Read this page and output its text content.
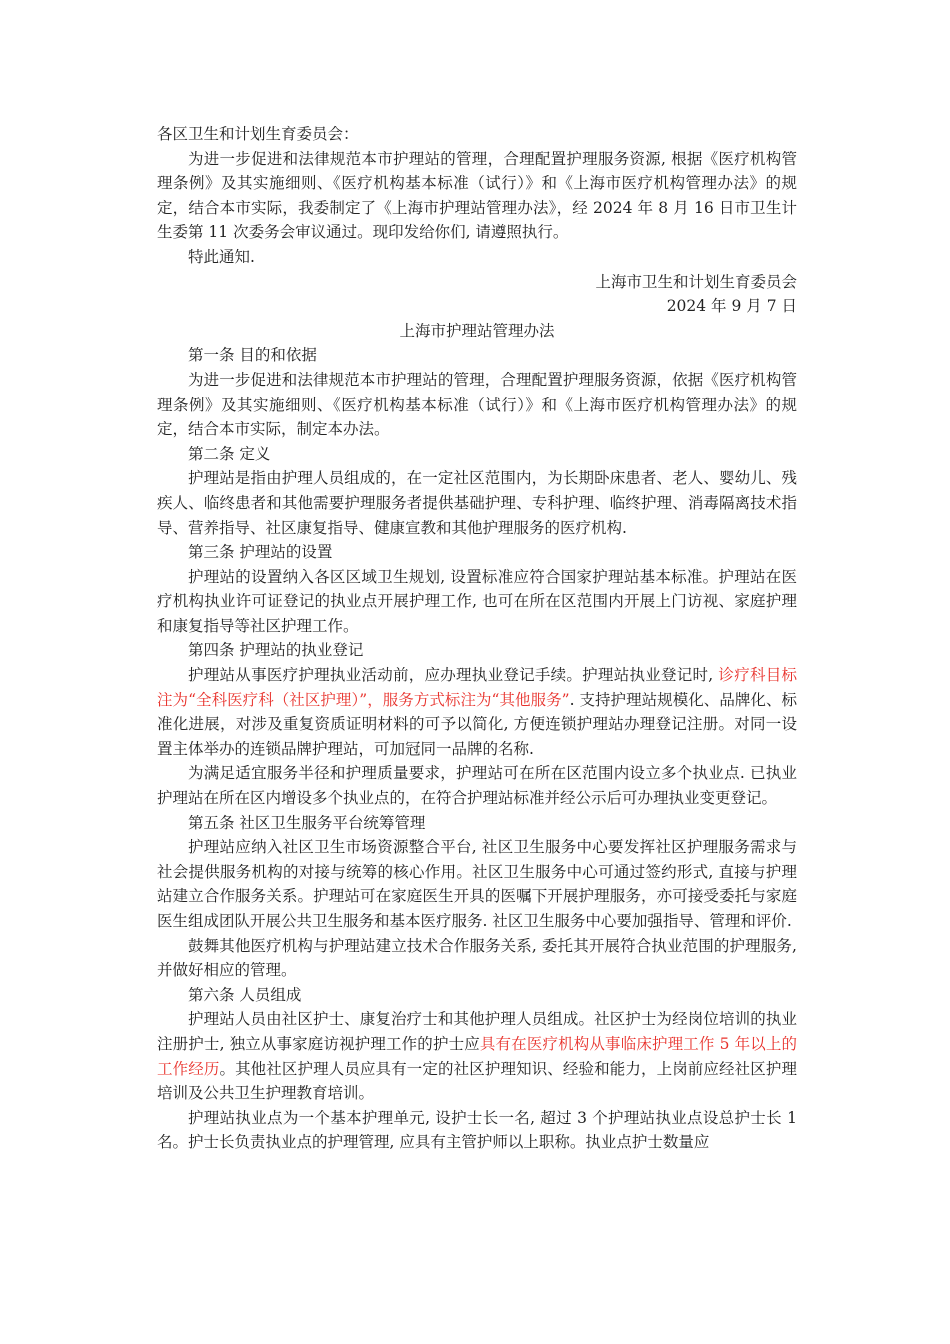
各区卫生和计划生育委员会：

为进一步促进和法律规范本市护理站的管理，合理配置护理服务资源, 根据《医疗机构管理条例》及其实施细则、《医疗机构基本标准（试行）》和《上海市医疗机构管理办法》的规定，结合本市实际，我委制定了《上海市护理站管理办法》，经 2024 年 8 月 16 日市卫生计生委第 11 次委务会审议通过。现印发给你们, 请遵照执行。

特此通知.

上海市卫生和计划生育委员会

2024 年 9 月 7 日

上海市护理站管理办法

第一条 目的和依据

为进一步促进和法律规范本市护理站的管理，合理配置护理服务资源，依据《医疗机构管理条例》及其实施细则、《医疗机构基本标准（试行）》和《上海市医疗机构管理办法》的规定，结合本市实际，制定本办法。

第二条 定义

护理站是指由护理人员组成的，在一定社区范围内，为长期卧床患者、老人、婴幼儿、残疾人、临终患者和其他需要护理服务者提供基础护理、专科护理、临终护理、消毒隔离技术指导、营养指导、社区康复指导、健康宣教和其他护理服务的医疗机构.

第三条 护理站的设置

护理站的设置纳入各区区域卫生规划, 设置标准应符合国家护理站基本标准。护理站在医疗机构执业许可证登记的执业点开展护理工作, 也可在所在区范围内开展上门访视、家庭护理和康复指导等社区护理工作。

第四条 护理站的执业登记

护理站从事医疗护理执业活动前，应办理执业登记手续。护理站执业登记时, 诊疗科目标注为“全科医疗科（社区护理）”，服务方式标注为“其他服务”. 支持护理站规模化、品牌化、标准化进展，对涉及重复资质证明材料的可予以简化, 方便连锁护理站办理登记注册。对同一设置主体举办的连锁品牌护理站，可加冠同一品牌的名称.

为满足适宜服务半径和护理质量要求，护理站可在所在区范围内设立多个执业点. 已执业护理站在所在区内增设多个执业点的，在符合护理站标准并经公示后可办理执业变更登记。

第五条 社区卫生服务平台统筹管理

护理站应纳入社区卫生市场资源整合平台, 社区卫生服务中心要发挥社区护理服务需求与社会提供服务机构的对接与统筹的核心作用。社区卫生服务中心可通过签约形式, 直接与护理站建立合作服务关系。护理站可在家庭医生开具的医嘱下开展护理服务，亦可接受委托与家庭医生组成团队开展公共卫生服务和基本医疗服务. 社区卫生服务中心要加强指导、管理和评价.

鼓舞其他医疗机构与护理站建立技术合作服务关系, 委托其开展符合执业范围的护理服务, 并做好相应的管理。

第六条 人员组成

护理站人员由社区护士、康复治疗士和其他护理人员组成。社区护士为经岗位培训的执业注册护士, 独立从事家庭访视护理工作的护士应具有在医疗机构从事临床护理工作 5 年以上的工作经历。其他社区护理人员应具有一定的社区护理知识、经验和能力，上岗前应经社区护理培训及公共卫生护理教育培训。

护理站执业点为一个基本护理单元, 设护士长一名, 超过 3 个护理站执业点设总护士长 1 名。护士长负责执业点的护理管理, 应具有主管护师以上职称。执业点护士数量应
